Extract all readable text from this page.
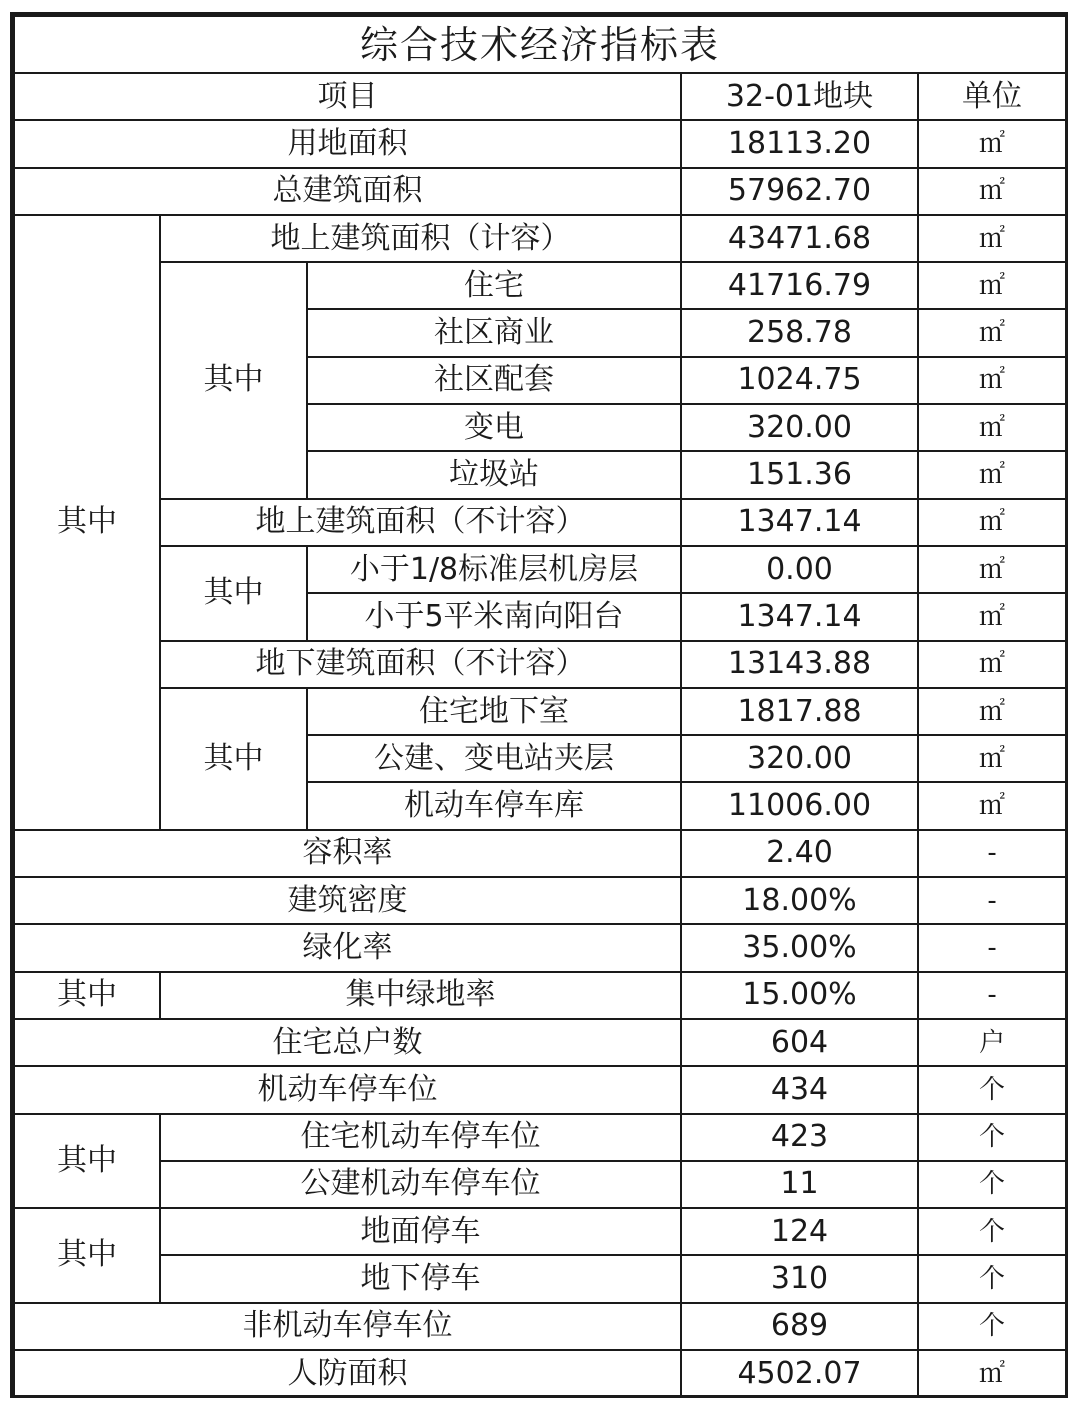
综合技术经济指标表				
项目			32-01地块	单位
用地面积			18113.20	㎡
总建筑面积			57962.70	㎡
其中	地上建筑面积（计容）		43471.68	㎡
	其中	住宅	41716.79	㎡
		社区商业	258.78	㎡
		社区配套	1024.75	㎡
		变电	320.00	㎡
		垃圾站	151.36	㎡
	地上建筑面积（不计容）		1347.14	㎡
	其中	小于1/8标准层机房层	0.00	㎡
		小于5平米南向阳台	1347.14	㎡
	地下建筑面积（不计容）		13143.88	㎡
	其中	住宅地下室	1817.88	㎡
		公建、变电站夹层	320.00	㎡
		机动车停车库	11006.00	㎡
容积率			2.40	-
建筑密度			18.00%	-
绿化率			35.00%	-
其中	集中绿地率		15.00%	-
住宅总户数			604	户
机动车停车位			434	个
其中	住宅机动车停车位		423	个
	公建机动车停车位		11	个
其中	地面停车		124	个
	地下停车		310	个
非机动车停车位			689	个
人防面积			4502.07	㎡
